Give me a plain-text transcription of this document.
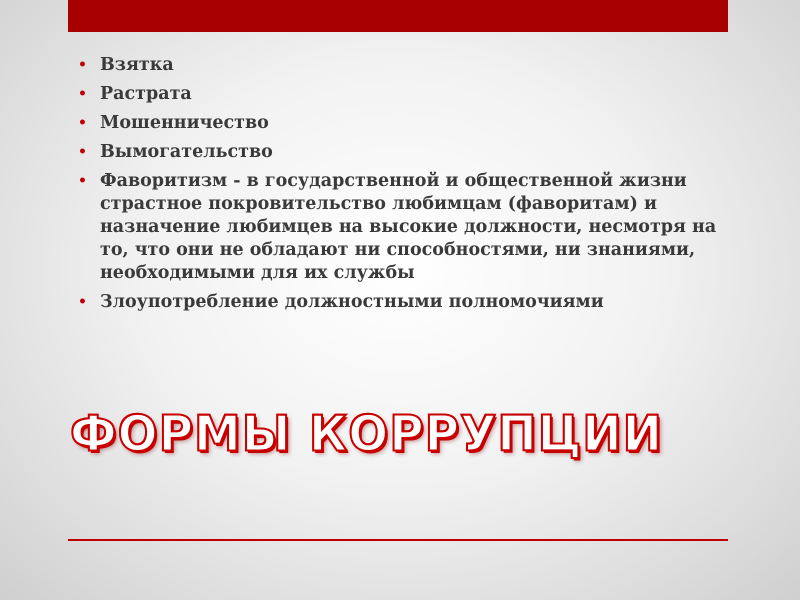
• Взятка
• Растрата
• Мошенничество
• Вымогательство
• Фаворитизм - в государственной и общественной жизни страстное покровительство любимцам (фаворитам) и назначение любимцев на высокие должности, несмотря на то, что они не обладают ни способностями, ни знаниями, необходимыми для их службы
• Злоупотребление должностными полномочиями
ФОРМЫ КОРРУПЦИИ
